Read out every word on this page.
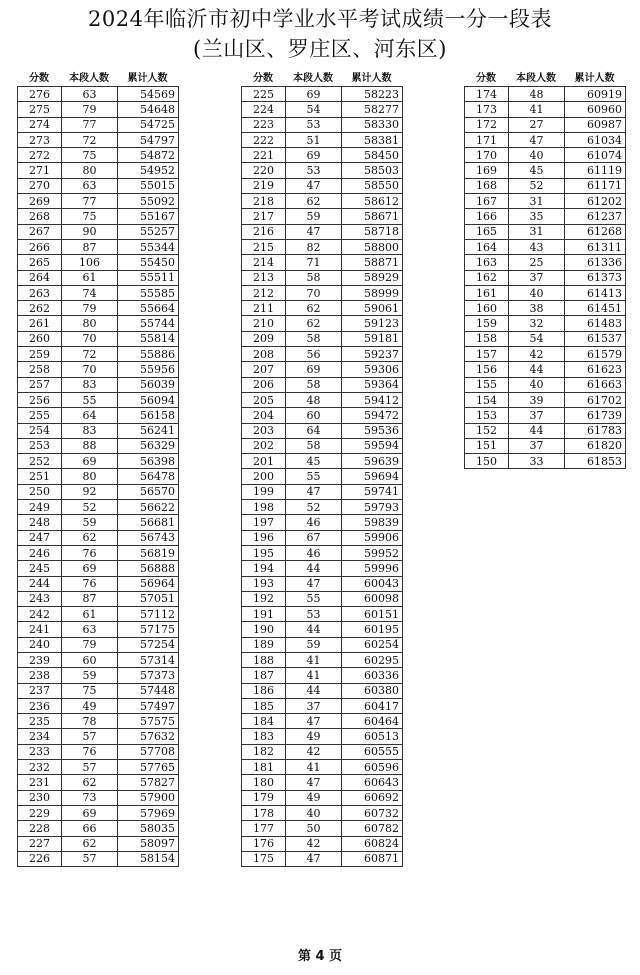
2024年临沂市初中学业水平考试成绩一分一段表
(兰山区、罗庄区、河东区)
分数	本段人数	累计人数
276	63	54569
275	79	54648
274	77	54725
273	72	54797
272	75	54872
271	80	54952
270	63	55015
269	77	55092
268	75	55167
267	90	55257
266	87	55344
265	106	55450
264	61	55511
263	74	55585
262	79	55664
261	80	55744
260	70	55814
259	72	55886
258	70	55956
257	83	56039
256	55	56094
255	64	56158
254	83	56241
253	88	56329
252	69	56398
251	80	56478
250	92	56570
249	52	56622
248	59	56681
247	62	56743
246	76	56819
245	69	56888
244	76	56964
243	87	57051
242	61	57112
241	63	57175
240	79	57254
239	60	57314
238	59	57373
237	75	57448
236	49	57497
235	78	57575
234	57	57632
233	76	57708
232	57	57765
231	62	57827
230	73	57900
229	69	57969
228	66	58035
227	62	58097
226	57	58154
分数	本段人数	累计人数
225	69	58223
224	54	58277
223	53	58330
222	51	58381
221	69	58450
220	53	58503
219	47	58550
218	62	58612
217	59	58671
216	47	58718
215	82	58800
214	71	58871
213	58	58929
212	70	58999
211	62	59061
210	62	59123
209	58	59181
208	56	59237
207	69	59306
206	58	59364
205	48	59412
204	60	59472
203	64	59536
202	58	59594
201	45	59639
200	55	59694
199	47	59741
198	52	59793
197	46	59839
196	67	59906
195	46	59952
194	44	59996
193	47	60043
192	55	60098
191	53	60151
190	44	60195
189	59	60254
188	41	60295
187	41	60336
186	44	60380
185	37	60417
184	47	60464
183	49	60513
182	42	60555
181	41	60596
180	47	60643
179	49	60692
178	40	60732
177	50	60782
176	42	60824
175	47	60871
分数	本段人数	累计人数
174	48	60919
173	41	60960
172	27	60987
171	47	61034
170	40	61074
169	45	61119
168	52	61171
167	31	61202
166	35	61237
165	31	61268
164	43	61311
163	25	61336
162	37	61373
161	40	61413
160	38	61451
159	32	61483
158	54	61537
157	42	61579
156	44	61623
155	40	61663
154	39	61702
153	37	61739
152	44	61783
151	37	61820
150	33	61853
第 4 页
